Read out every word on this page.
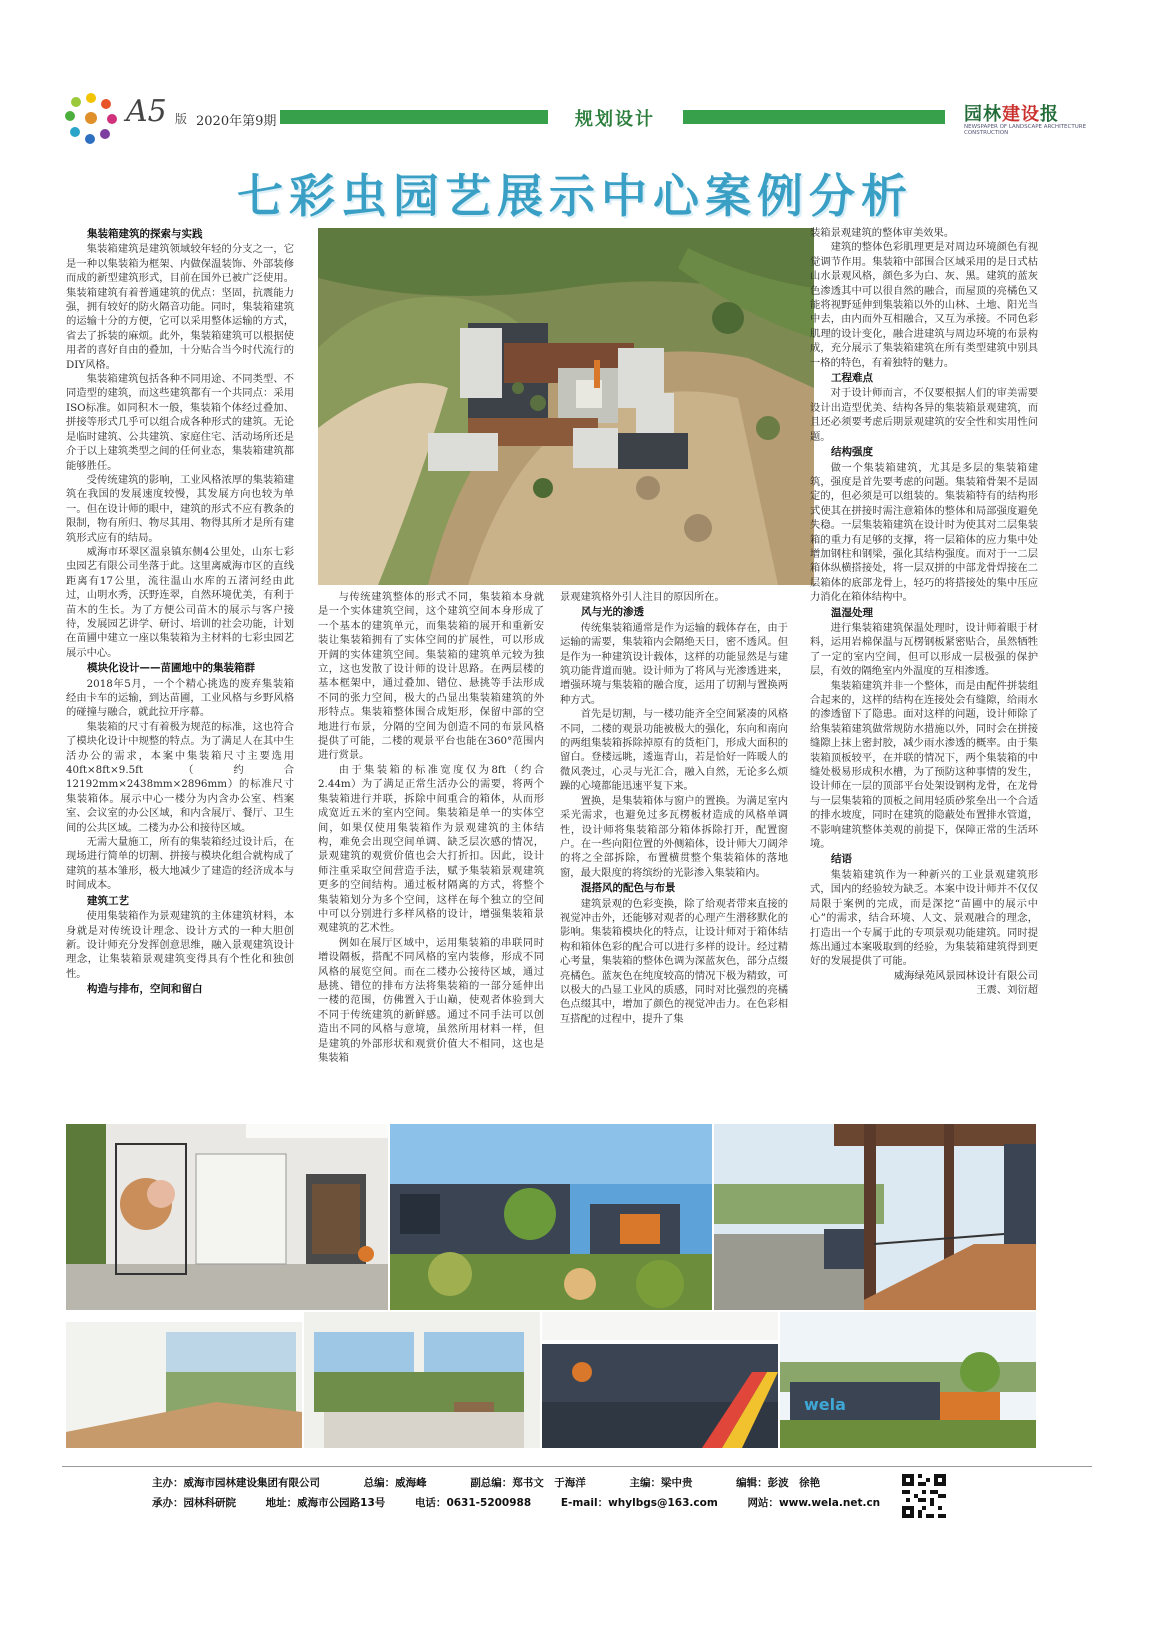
A5 版 2020年第9期	规划设计	园林建设报
NEWSPAPER OF LANDSCAPE ARCHITECTURE CONSTRUCTION
七彩虫园艺展示中心案例分析
集装箱建筑的探索与实践

集装箱建筑是建筑领域较年轻的分支之一，它是一种以集装箱为框架、内做保温装饰、外部装修而成的新型建筑形式，目前在国外已被广泛使用。集装箱建筑有着普通建筑的优点：坚固，抗震能力强，拥有较好的防火隔音功能。同时，集装箱建筑的运输十分的方便，它可以采用整体运输的方式，省去了拆装的麻烦。此外，集装箱建筑可以根据使用者的喜好自由的叠加，十分贴合当今时代流行的DIY风格。

集装箱建筑包括各种不同用途、不同类型、不同造型的建筑，而这些建筑都有一个共同点：采用ISO标准。如同积木一般，集装箱个体经过叠加、拼接等形式几乎可以组合成各种形式的建筑。无论是临时建筑、公共建筑、家庭住宅、活动场所还是介于以上建筑类型之间的任何业态，集装箱建筑都能够胜任。

受传统建筑的影响，工业风格浓厚的集装箱建筑在我国的发展速度较慢，其发展方向也较为单一。但在设计师的眼中，建筑的形式不应有教条的限制，物有所归、物尽其用、物得其所才是所有建筑形式应有的结局。

威海市环翠区温泉镇东侧4公里处，山东七彩虫园艺有限公司坐落于此。这里离威海市区的直线距离有17公里，流往温山水库的五渚河经由此过，山明水秀，沃野连翠，自然环境优美，有利于苗木的生长。为了方便公司苗木的展示与客户接待，发展园艺讲学、研讨、培训的社会功能，计划在苗圃中建立一座以集装箱为主材料的七彩虫园艺展示中心。

模块化设计——苗圃地中的集装箱群

2018年5月，一个个精心挑选的废弃集装箱经由卡车的运输，到达苗圃，工业风格与乡野风格的碰撞与融合，就此拉开序幕。

集装箱的尺寸有着极为规范的标准，这也符合了模块化设计中规整的特点。为了满足人在其中生活办公的需求，本案中集装箱尺寸主要选用40ft×8ft×9.5ft（约合12192mm×2438mm×2896mm）的标准尺寸集装箱体。展示中心一楼分为内含办公室、档案室、会议室的办公区域，和内含展厅、餐厅、卫生间的公共区域。二楼为办公和接待区域。

无需大量施工，所有的集装箱经过设计后，在现场进行简单的切割、拼接与模块化组合就构成了建筑的基本雏形，极大地减少了建造的经济成本与时间成本。

建筑工艺

使用集装箱作为景观建筑的主体建筑材料，本身就是对传统设计理念、设计方式的一种大胆创新。设计师充分发挥创意思维，融入景观建筑设计理念，让集装箱景观建筑变得具有个性化和独创性。

构造与排布，空间和留白

与传统建筑整体的形式不同，集装箱本身就是一个实体建筑空间，这个建筑空间本身形成了一个基本的建筑单元，而集装箱的展开和重新安装让集装箱拥有了实体空间的扩展性，可以形成开阔的实体建筑空间。集装箱的建筑单元较为独立，这也发散了设计师的设计思路。在两层楼的基本框架中，通过叠加、错位、悬挑等手法形成不同的张力空间，极大的凸显出集装箱建筑的外形特点。集装箱整体围合成矩形，保留中部的空地进行布景，分隔的空间为创造不同的布景风格提供了可能，二楼的观景平台也能在360°范围内进行赏景。

由于集装箱的标准宽度仅为8ft（约合2.44m）为了满足正常生活办公的需要，将两个集装箱进行并联，拆除中间重合的箱体，从而形成宽近五米的室内空间。集装箱是单一的实体空间，如果仅使用集装箱作为景观建筑的主体结构，难免会出现空间单调、缺乏层次感的情况，景观建筑的观赏价值也会大打折扣。因此，设计师注重采取空间营造手法，赋予集装箱景观建筑更多的空间结构。通过板材隔离的方式，将整个集装箱划分为多个空间，这样在每个独立的空间中可以分别进行多样风格的设计，增强集装箱景观建筑的艺术性。

例如在展厅区域中，运用集装箱的串联同时增设隔板，搭配不同风格的室内装修，形成不同风格的展览空间。而在二楼办公接待区域，通过悬挑、错位的排布方法将集装箱的一部分延伸出一楼的范围，仿佛置入于山巅，使观者体验到大不同于传统建筑的新鲜感。通过不同手法可以创造出不同的风格与意境，虽然所用材料一样，但是建筑的外部形状和观赏价值大不相同，这也是集装箱

景观建筑格外引人注目的原因所在。

风与光的渗透

传统集装箱通常是作为运输的载体存在，由于运输的需要，集装箱内会隔绝天日，密不透风。但是作为一种建筑设计载体，这样的功能显然是与建筑功能背道而驰。设计师为了将风与光渗透进来，增强环境与集装箱的融合度，运用了切割与置换两种方式。

首先是切割，与一楼功能齐全空间紧凑的风格不同，二楼的观景功能被极大的强化，东向和南向的两组集装箱拆除掉原有的货柜门，形成大面积的留白。登楼远眺，逶迤青山，若是恰好一阵暖人的微风袭过，心灵与光汇合，融入自然，无论多么烦躁的心境都能迅速平复下来。

置换，是集装箱体与窗户的置换。为满足室内采光需求，也避免过多瓦楞板材造成的风格单调性，设计师将集装箱部分箱体拆除打开，配置窗户。在一些向阳位置的外侧箱体，设计师大刀阔斧的将之全部拆除，布置横贯整个集装箱体的落地窗，最大限度的将缤纷的光影渗入集装箱内。

混搭风的配色与布景

建筑景观的色彩变换，除了给观者带来直接的视觉冲击外，还能够对观者的心理产生潜移默化的影响。集装箱模块化的特点，让设计师对于箱体结构和箱体色彩的配合可以进行多样的设计。经过精心考量，集装箱的整体色调为深蓝灰色，部分点缀亮橘色。蓝灰色在纯度较高的情况下极为精致，可以极大的凸显工业风的质感，同时对比强烈的亮橘色点缀其中，增加了颜色的视觉冲击力。在色彩相互搭配的过程中，提升了集

装箱景观建筑的整体审美效果。

建筑的整体色彩肌理更是对周边环境颜色有视觉调节作用。集装箱中部围合区域采用的是日式枯山水景观风格，颜色多为白、灰、黑。建筑的蓝灰色渗透其中可以很自然的融合，而屋顶的亮橘色又能将视野延伸到集装箱以外的山林、土地、阳光当中去，由内而外互相融合，又互为承接。不同色彩肌理的设计变化，融合进建筑与周边环境的布景构成，充分展示了集装箱建筑在所有类型建筑中别具一格的特色，有着独特的魅力。

工程难点

对于设计师而言，不仅要根据人们的审美需要设计出造型优美、结构各异的集装箱景观建筑，而且还必须要考虑后期景观建筑的安全性和实用性问题。

结构强度

做一个集装箱建筑，尤其是多层的集装箱建筑，强度是首先要考虑的问题。集装箱骨架不是固定的，但必须是可以组装的。集装箱特有的结构形式使其在拼接时需注意箱体的整体和局部强度避免失稳。一层集装箱建筑在设计时为使其对二层集装箱的重力有足够的支撑，将一层箱体的应力集中处增加钢柱和钢梁，强化其结构强度。而对于一二层箱体纵横搭接处，将一层双拼的中部龙骨焊接在二层箱体的底部龙骨上，轻巧的将搭接处的集中压应力消化在箱体结构中。

温湿处理

进行集装箱建筑保温处理时，设计师着眼于材料，运用岩棉保温与瓦楞钢板紧密贴合，虽然牺牲了一定的室内空间，但可以形成一层极强的保护层，有效的隔绝室内外温度的互相渗透。

集装箱建筑并非一个整体，而是由配件拼装组合起来的，这样的结构在连接处会有缝隙，给雨水的渗透留下了隐患。面对这样的问题，设计师除了给集装箱建筑做常规防水措施以外，同时会在拼接缝隙上抹上密封胶，减少雨水渗透的概率。由于集装箱顶板较平，在并联的情况下，两个集装箱的中缝处极易形成积水槽，为了预防这种事情的发生，设计师在一层的顶部平台处架设钢构龙骨，在龙骨与一层集装箱的顶板之间用轻质砂浆垒出一个合适的排水坡度，同时在建筑的隐蔽处布置排水管道，不影响建筑整体美观的前提下，保障正常的生活环境。

结语

集装箱建筑作为一种新兴的工业景观建筑形式，国内的经验较为缺乏。本案中设计师并不仅仅局限于案例的完成，而是深挖“苗圃中的展示中心”的需求，结合环境、人文、景观融合的理念，打造出一个专属于此的专项景观功能建筑。同时提炼出通过本案吸取到的经验，为集装箱建筑得到更好的发展提供了可能。

威海绿苑风景园林设计有限公司

王震、刘衍超

wela
主办：威海市园林建设集团有限公司	总编：威海峰	副总编：郑书文　于海洋	主编：梁中贵	编辑：彭波　徐艳
承办：园林科研院	地址：威海市公园路13号	电话：0631-5200988	E-mail：whylbgs@163.com	网站：www.wela.net.cn
